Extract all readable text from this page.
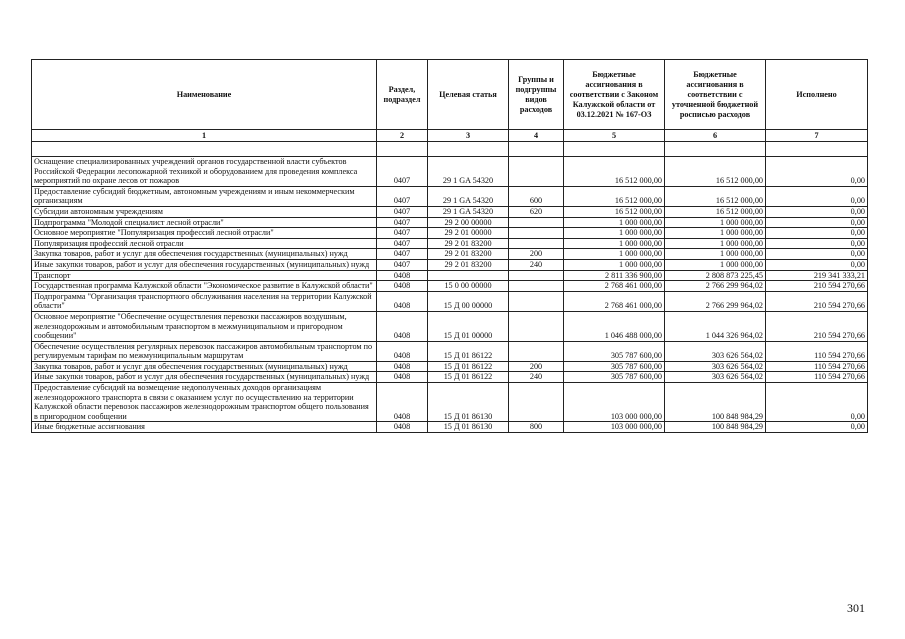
Наименование	Раздел, подраздел	Целевая статья	Группы и подгруппы видов расходов	Бюджетные ассигнования в соответствии с Законом Калужской области от 03.12.2021 № 167-ОЗ	Бюджетные ассигнования в соответствии с уточненной бюджетной росписью расходов	Исполнено
1	2	3	4	5	6	7

Оснащение специализированных учреждений органов государственной власти субъектов Российской Федерации лесопожарной техникой и оборудованием для проведения комплекса мероприятий по охране лесов от пожаров	0407	29 1 GA 54320		16 512 000,00	16 512 000,00	0,00
Предоставление субсидий бюджетным, автономным учреждениям и иным некоммерческим организациям	0407	29 1 GA 54320	600	16 512 000,00	16 512 000,00	0,00
Субсидии автономным учреждениям	0407	29 1 GA 54320	620	16 512 000,00	16 512 000,00	0,00
Подпрограмма "Молодой специалист лесной отрасли"	0407	29 2 00 00000		1 000 000,00	1 000 000,00	0,00
Основное мероприятие "Популяризация профессий лесной отрасли"	0407	29 2 01 00000		1 000 000,00	1 000 000,00	0,00
Популяризация профессий лесной отрасли	0407	29 2 01 83200		1 000 000,00	1 000 000,00	0,00
Закупка товаров, работ и услуг для обеспечения государственных (муниципальных) нужд	0407	29 2 01 83200	200	1 000 000,00	1 000 000,00	0,00
Иные закупки товаров, работ и услуг для обеспечения государственных (муниципальных) нужд	0407	29 2 01 83200	240	1 000 000,00	1 000 000,00	0,00
Транспорт	0408			2 811 336 900,00	2 808 873 225,45	219 341 333,21
Государственная программа Калужской области "Экономическое развитие в Калужской области"	0408	15 0 00 00000		2 768 461 000,00	2 766 299 964,02	210 594 270,66
Подпрограмма "Организация транспортного обслуживания населения на территории Калужской области"	0408	15 Д 00 00000		2 768 461 000,00	2 766 299 964,02	210 594 270,66
Основное мероприятие "Обеспечение осуществления перевозки пассажиров воздушным, железнодорожным и автомобильным транспортом в межмуниципальном и пригородном сообщении"	0408	15 Д 01 00000		1 046 488 000,00	1 044 326 964,02	210 594 270,66
Обеспечение осуществления регулярных перевозок пассажиров автомобильным транспортом по регулируемым тарифам по межмуниципальным маршрутам	0408	15 Д 01 86122		305 787 600,00	303 626 564,02	110 594 270,66
Закупка товаров, работ и услуг для обеспечения государственных (муниципальных) нужд	0408	15 Д 01 86122	200	305 787 600,00	303 626 564,02	110 594 270,66
Иные закупки товаров, работ и услуг для обеспечения государственных (муниципальных) нужд	0408	15 Д 01 86122	240	305 787 600,00	303 626 564,02	110 594 270,66
Предоставление субсидий на возмещение недополученных доходов организациям железнодорожного транспорта в связи с оказанием услуг по осуществлению на территории Калужской области перевозок пассажиров железнодорожным транспортом общего пользования в пригородном сообщении	0408	15 Д 01 86130		103 000 000,00	100 848 984,29	0,00
Иные бюджетные ассигнования	0408	15 Д 01 86130	800	103 000 000,00	100 848 984,29	0,00
301
